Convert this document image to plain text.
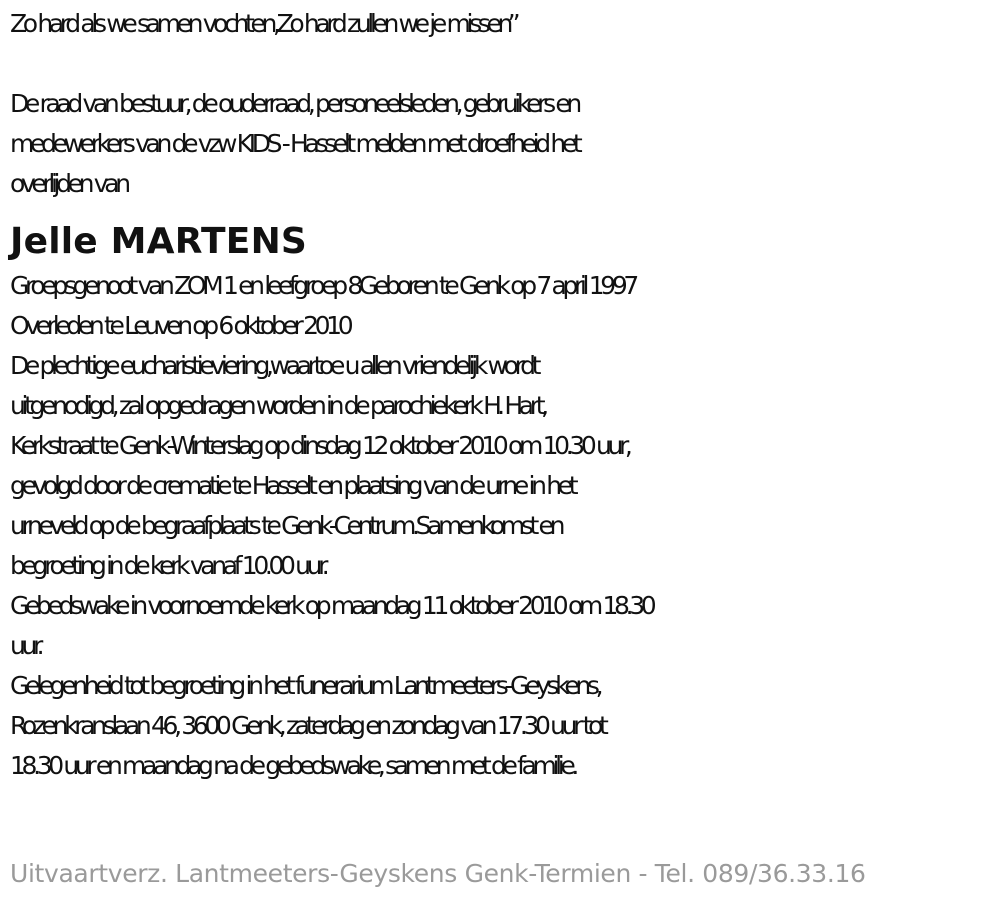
Zo hard als we samen vochten,Zo hard zullen we je missen”
De raad van bestuur, de ouderraad, personeelsleden, gebruikers en
medewerkers van de vzw KIDS - Hasselt melden met droefheid het
overlijden van
Jelle MARTENS
Groepsgenoot van ZOM 1 en leefgroep 8Geboren te Genk op 7 april 1997
Overleden te Leuven op 6 oktober 2010
De plechtige eucharistieviering,waartoe u allen vriendelijk wordt
uitgenodigd, zal opgedragen worden in de parochiekerk H. Hart,
Kerkstraat te Genk-Winterslag op dinsdag 12 oktober 2010 om 10.30 uur,
gevolgd door de crematie te Hasselt en plaatsing van de urne in het
urneveld op de begraafplaats te Genk-Centrum.Samenkomst en
begroeting in de kerk vanaf 10.00 uur.
Gebedswake in voornoemde kerk op maandag 11 oktober 2010 om 18.30
uur.
Gelegenheid tot begroeting in het funerarium Lantmeeters-Geyskens,
Rozenkranslaan 46, 3600 Genk, zaterdag en zondag van 17.30 uur tot
18.30 uur en maandag na de gebedswake, samen met de familie.
Uitvaartverz. Lantmeeters-Geyskens Genk-Termien - Tel. 089/36.33.16
